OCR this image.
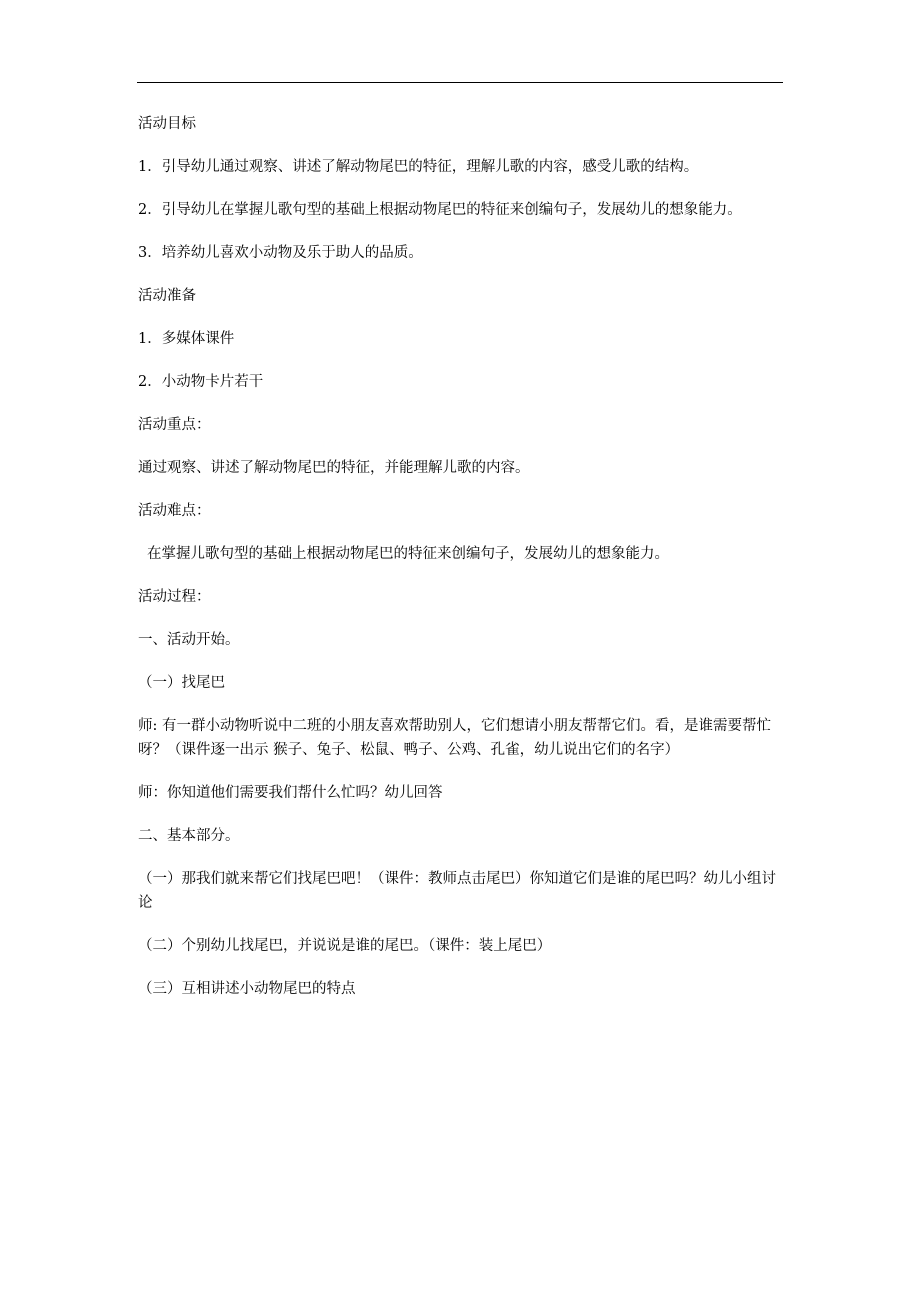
活动目标

1．引导幼儿通过观察、讲述了解动物尾巴的特征，理解儿歌的内容，感受儿歌的结构。

2．引导幼儿在掌握儿歌句型的基础上根据动物尾巴的特征来创编句子，发展幼儿的想象能力。

3．培养幼儿喜欢小动物及乐于助人的品质。

活动准备

1．多媒体课件

2．小动物卡片若干

活动重点：

通过观察、讲述了解动物尾巴的特征，并能理解儿歌的内容。

活动难点：

在掌握儿歌句型的基础上根据动物尾巴的特征来创编句子，发展幼儿的想象能力。

活动过程：

一、活动开始。

（一）找尾巴

师: 有一群小动物听说中二班的小朋友喜欢帮助别人，它们想请小朋友帮帮它们。看，是谁需要帮忙呀？（课件逐一出示 猴子、兔子、松鼠、鸭子、公鸡、孔雀，幼儿说出它们的名字）

师：你知道他们需要我们帮什么忙吗？幼儿回答

二、基本部分。

（一）那我们就来帮它们找尾巴吧！（课件：教师点击尾巴）你知道它们是谁的尾巴吗？幼儿小组讨论

（二）个别幼儿找尾巴，并说说是谁的尾巴。（课件：装上尾巴）

（三）互相讲述小动物尾巴的特点
